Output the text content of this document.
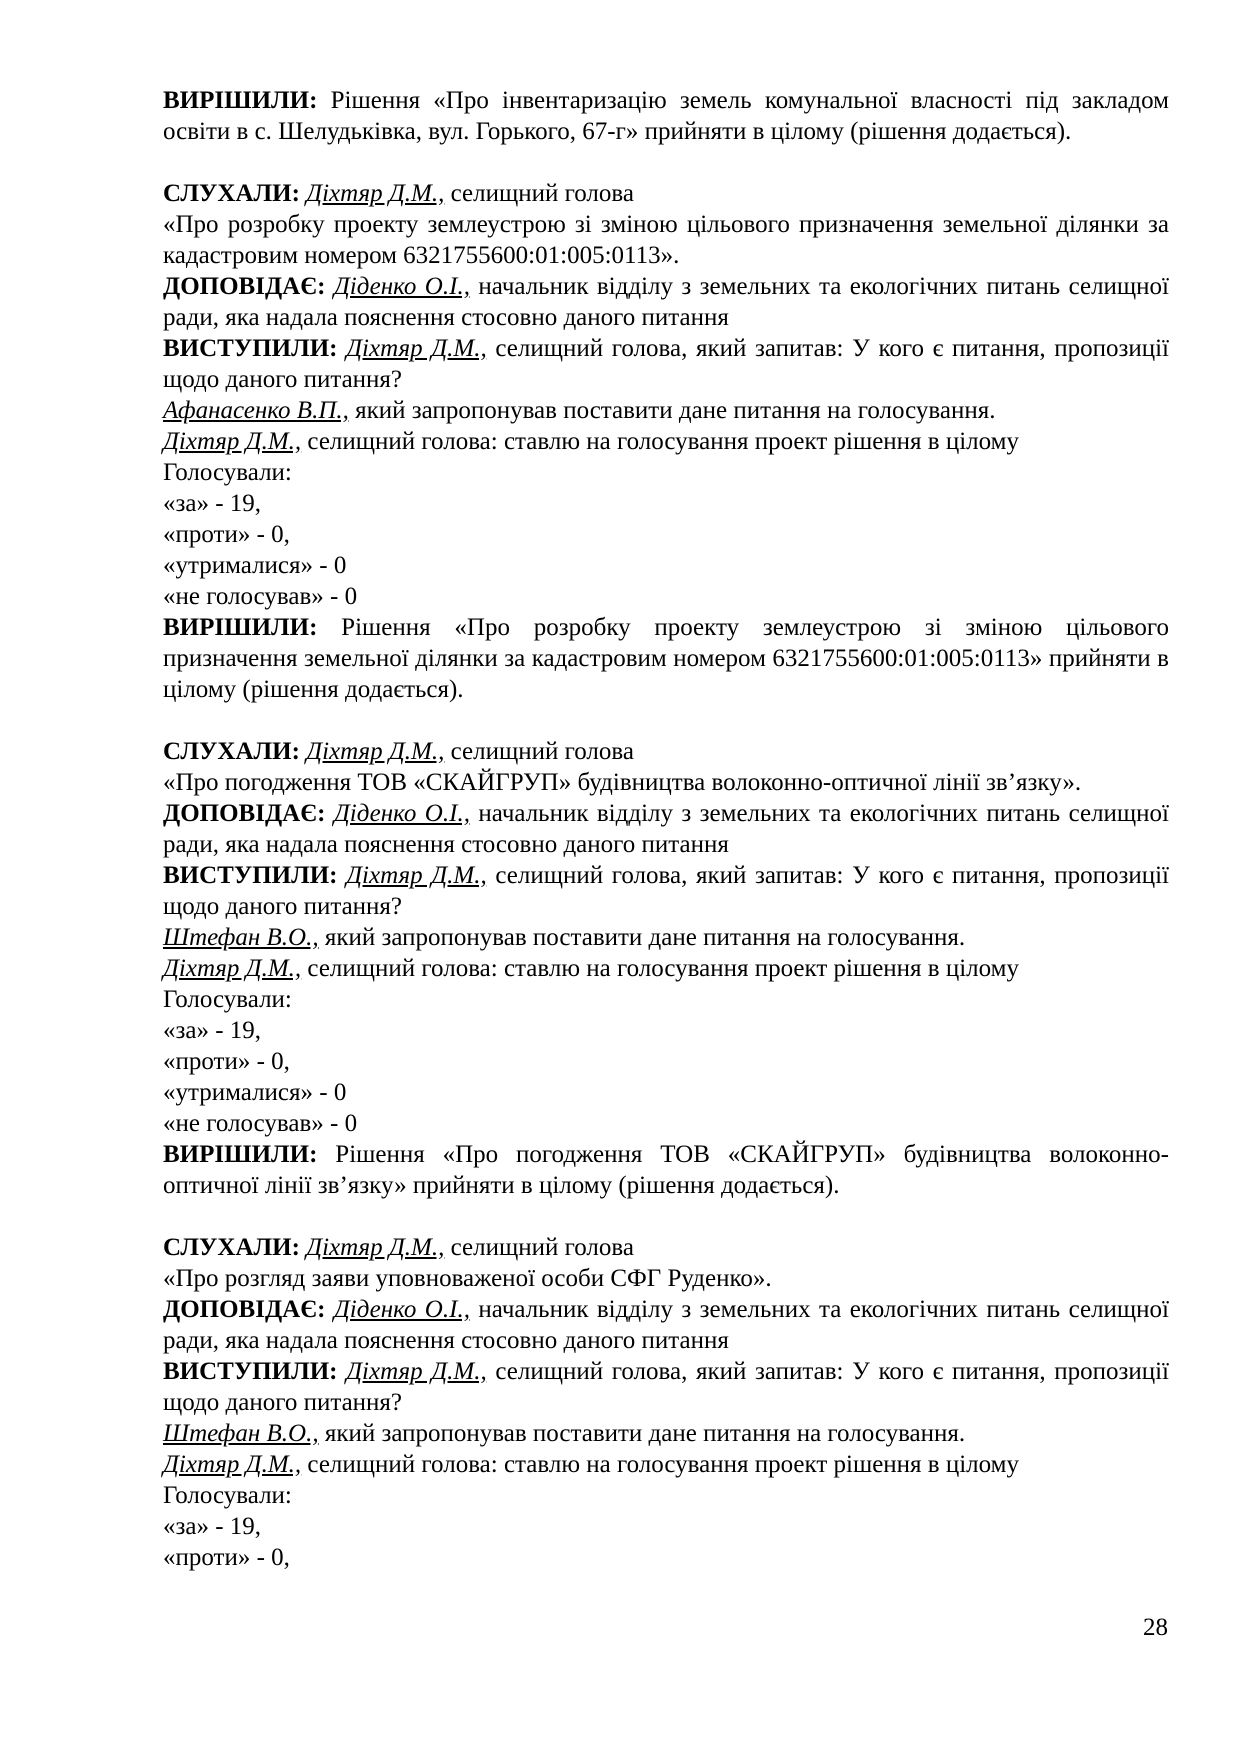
ВИРІШИЛИ: Рішення «Про інвентаризацію земель комунальної власності під закладом освіти в с. Шелудьківка, вул. Горького, 67-г» прийняти в цілому (рішення додається).

СЛУХАЛИ: Діхтяр Д.М., селищний голова

«Про розробку проекту землеустрою зі зміною цільового призначення земельної ділянки за кадастровим номером 6321755600:01:005:0113».

ДОПОВІДАЄ: Діденко О.І., начальник відділу з земельних та екологічних питань селищної ради, яка надала пояснення стосовно даного питання

ВИСТУПИЛИ: Діхтяр Д.М., селищний голова, який запитав: У кого є питання, пропозиції щодо даного питання?

Афанасенко В.П., який запропонував поставити дане питання на голосування.

Діхтяр Д.М., селищний голова: ставлю на голосування проект рішення в цілому

Голосували:

«за» - 19,

«проти» - 0,

«утрималися» - 0

«не голосував» - 0

ВИРІШИЛИ: Рішення «Про розробку проекту землеустрою зі зміною цільового призначення земельної ділянки за кадастровим номером 6321755600:01:005:0113» прийняти в цілому (рішення додається).

СЛУХАЛИ: Діхтяр Д.М., селищний голова

«Про погодження ТОВ «СКАЙГРУП» будівництва волоконно-оптичної лінії зв’язку».

ДОПОВІДАЄ: Діденко О.І., начальник відділу з земельних та екологічних питань селищної ради, яка надала пояснення стосовно даного питання

ВИСТУПИЛИ: Діхтяр Д.М., селищний голова, який запитав: У кого є питання, пропозиції щодо даного питання?

Штефан В.О., який запропонував поставити дане питання на голосування.

Діхтяр Д.М., селищний голова: ставлю на голосування проект рішення в цілому

Голосували:

«за» - 19,

«проти» - 0,

«утрималися» - 0

«не голосував» - 0

ВИРІШИЛИ: Рішення «Про погодження ТОВ «СКАЙГРУП» будівництва волоконно-оптичної лінії зв’язку» прийняти в цілому (рішення додається).

СЛУХАЛИ: Діхтяр Д.М., селищний голова

«Про розгляд заяви уповноваженої особи СФГ Руденко».

ДОПОВІДАЄ: Діденко О.І., начальник відділу з земельних та екологічних питань селищної ради, яка надала пояснення стосовно даного питання

ВИСТУПИЛИ: Діхтяр Д.М., селищний голова, який запитав: У кого є питання, пропозиції щодо даного питання?

Штефан В.О., який запропонував поставити дане питання на голосування.

Діхтяр Д.М., селищний голова: ставлю на голосування проект рішення в цілому

Голосували:

«за» - 19,

«проти» - 0,

28
